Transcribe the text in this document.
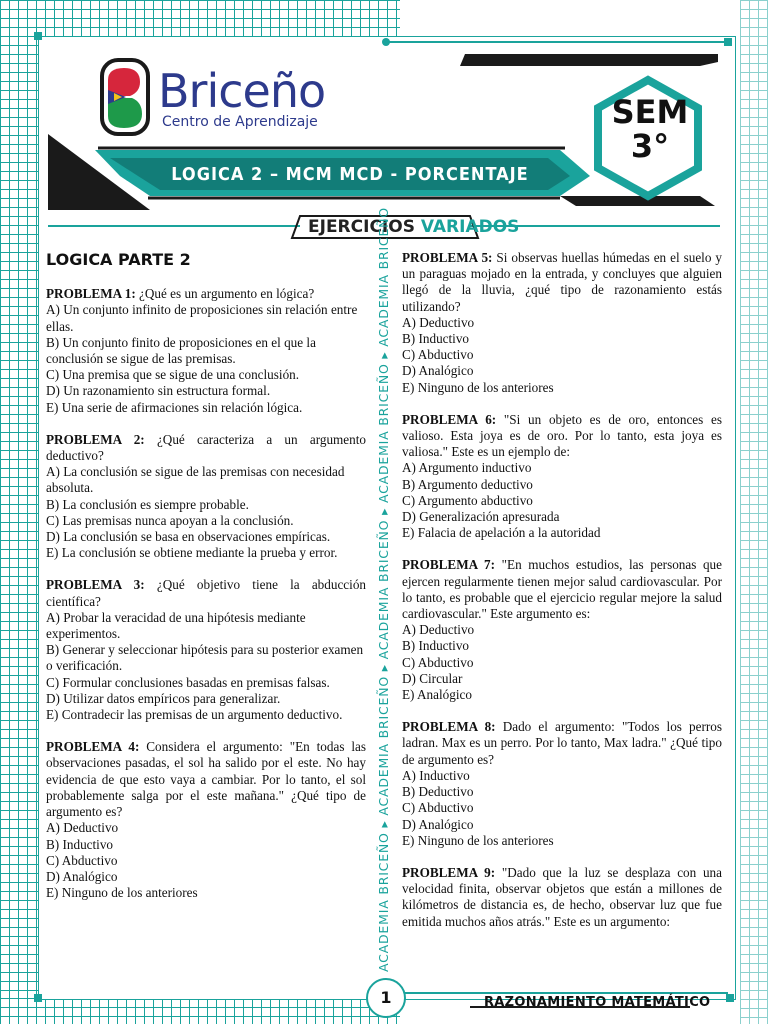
Briceño
Centro de Aprendizaje
LOGICA 2 – MCM MCD - PORCENTAJE
SEM
3°
EJERCICIOS VARIADOS
LOGICA PARTE 2
PROBLEMA 1: ¿Qué es un argumento en lógica?
A) Un conjunto infinito de proposiciones sin relación entre ellas.
B) Un conjunto finito de proposiciones en el que la conclusión se sigue de las premisas.
C) Una premisa que se sigue de una conclusión.
D) Un razonamiento sin estructura formal.
E) Una serie de afirmaciones sin relación lógica.
PROBLEMA 2: ¿Qué caracteriza a un argumento deductivo?
A) La conclusión se sigue de las premisas con necesidad absoluta.
B) La conclusión es siempre probable.
C) Las premisas nunca apoyan a la conclusión.
D) La conclusión se basa en observaciones empíricas.
E) La conclusión se obtiene mediante la prueba y error.
PROBLEMA 3: ¿Qué objetivo tiene la abducción científica?
A) Probar la veracidad de una hipótesis mediante experimentos.
B) Generar y seleccionar hipótesis para su posterior examen o verificación.
C) Formular conclusiones basadas en premisas falsas.
D) Utilizar datos empíricos para generalizar.
E) Contradecir las premisas de un argumento deductivo.
PROBLEMA 4: Considera el argumento: "En todas las observaciones pasadas, el sol ha salido por el este. No hay evidencia de que esto vaya a cambiar. Por lo tanto, el sol probablemente salga por el este mañana." ¿Qué tipo de argumento es?
A) Deductivo
B) Inductivo
C) Abductivo
D) Analógico
E) Ninguno de los anteriores	ACADEMIA BRICEÑO ▸ ACADEMIA BRICEÑO ▸ ACADEMIA BRICEÑO ▸ ACADEMIA BRICEÑO ▸ ACADEMIA BRICEÑO PROBLEMA 5: Si observas huellas húmedas en el suelo y un paraguas mojado en la entrada, y concluyes que alguien llegó de la lluvia, ¿qué tipo de razonamiento estás utilizando?
A) Deductivo
B) Inductivo
C) Abductivo
D) Analógico
E) Ninguno de los anteriores
PROBLEMA 6: "Si un objeto es de oro, entonces es valioso. Esta joya es de oro. Por lo tanto, esta joya es valiosa." Este es un ejemplo de:
A) Argumento inductivo
B) Argumento deductivo
C) Argumento abductivo
D) Generalización apresurada
E) Falacia de apelación a la autoridad
PROBLEMA 7: "En muchos estudios, las personas que ejercen regularmente tienen mejor salud cardiovascular. Por lo tanto, es probable que el ejercicio regular mejore la salud cardiovascular." Este argumento es:
A) Deductivo
B) Inductivo
C) Abductivo
D) Circular
E) Analógico
PROBLEMA 8: Dado el argumento: "Todos los perros ladran. Max es un perro. Por lo tanto, Max ladra." ¿Qué tipo de argumento es?
A) Inductivo
B) Deductivo
C) Abductivo
D) Analógico
E) Ninguno de los anteriores
PROBLEMA 9: "Dado que la luz se desplaza con una velocidad finita, observar objetos que están a millones de kilómetros de distancia es, de hecho, observar luz que fue emitida muchos años atrás." Este es un argumento:
1	RAZONAMIENTO MATEMÁTICO
